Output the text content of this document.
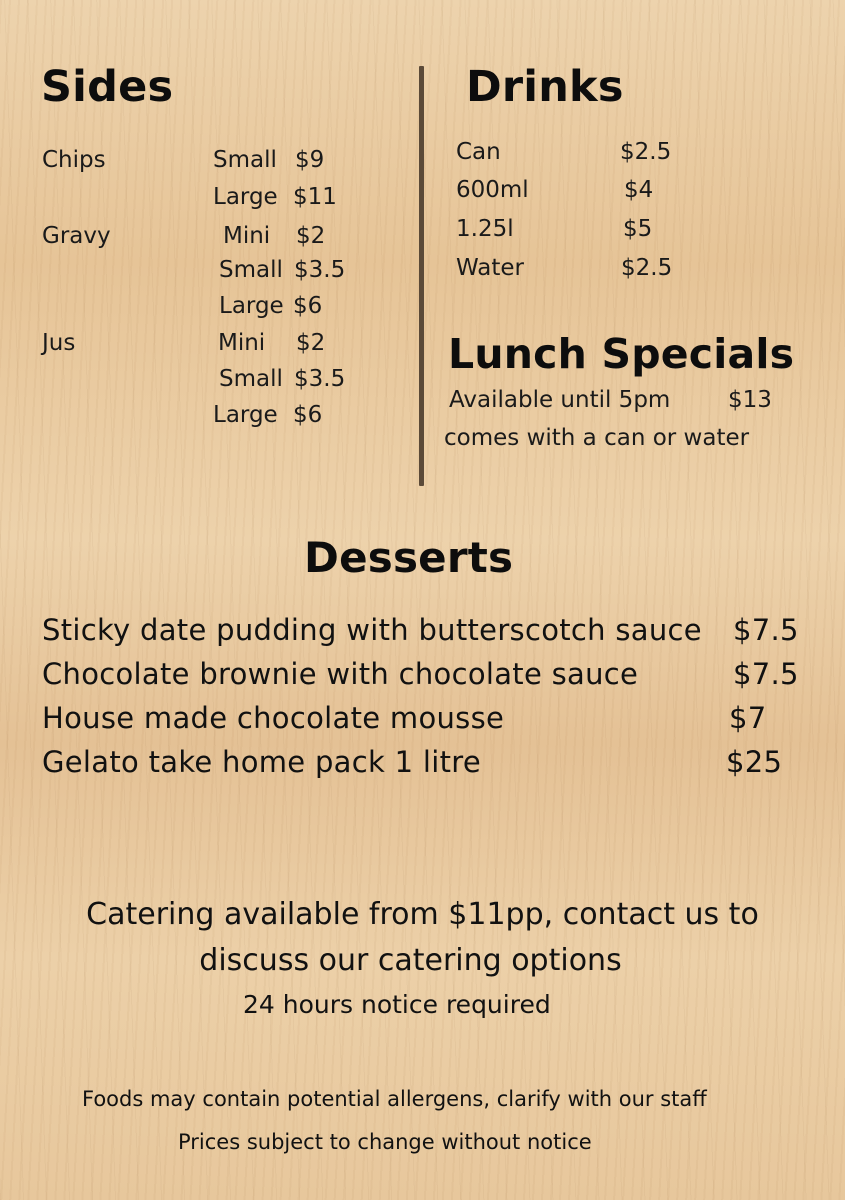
Sides
Chips	Small $9
Large $11
Gravy	Mini $2
Small $3.5
Large $6
Jus	Mini $2
Small $3.5
Large $6
Drinks
Can	$2.5
600ml	$4
1.25l	$5
Water	$2.5
Lunch Specials
Available until 5pm	$13
comes with a can or water
Desserts
Sticky date pudding with butterscotch sauce $7.5
Chocolate brownie with chocolate sauce	$7.5
House made chocolate mousse	$7
Gelato take home pack 1 litre	$25
Catering available from $11pp, contact us to
discuss our catering options
24 hours notice required
Foods may contain potential allergens, clarify with our staff
Prices subject to change without notice
